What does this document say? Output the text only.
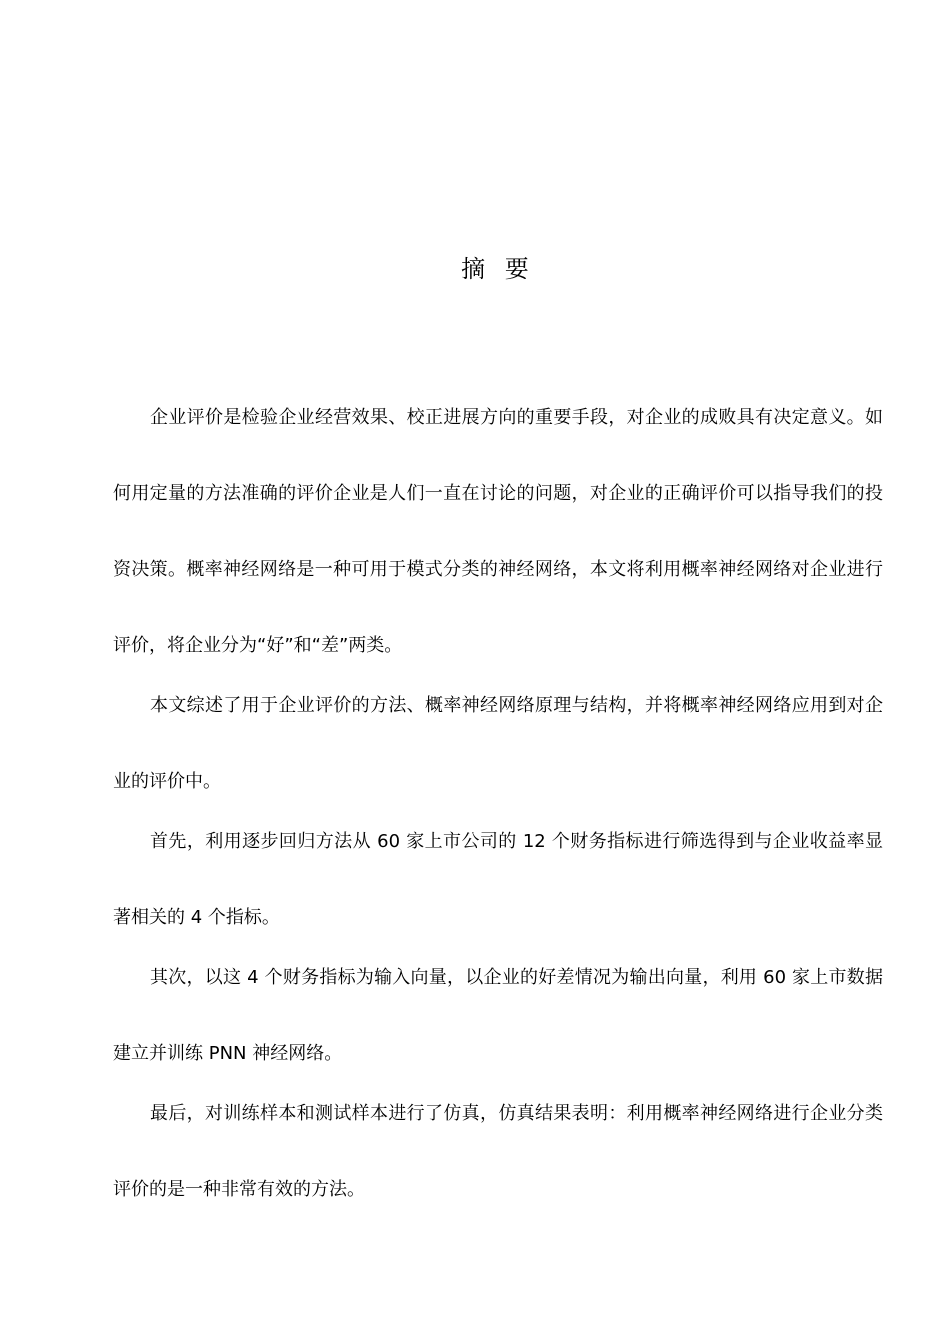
摘 要

企业评价是检验企业经营效果、校正进展方向的重要手段，对企业的成败具有决定意义。如何用定量的方法准确的评价企业是人们一直在讨论的问题，对企业的正确评价可以指导我们的投资决策。概率神经网络是一种可用于模式分类的神经网络，本文将利用概率神经网络对企业进行评价，将企业分为“好”和“差”两类。

本文综述了用于企业评价的方法、概率神经网络原理与结构，并将概率神经网络应用到对企业的评价中。

首先，利用逐步回归方法从 60 家上市公司的 12 个财务指标进行筛选得到与企业收益率显著相关的 4 个指标。

其次，以这 4 个财务指标为输入向量，以企业的好差情况为输出向量，利用 60 家上市数据建立并训练 PNN 神经网络。

最后，对训练样本和测试样本进行了仿真，仿真结果表明：利用概率神经网络进行企业分类评价的是一种非常有效的方法。
